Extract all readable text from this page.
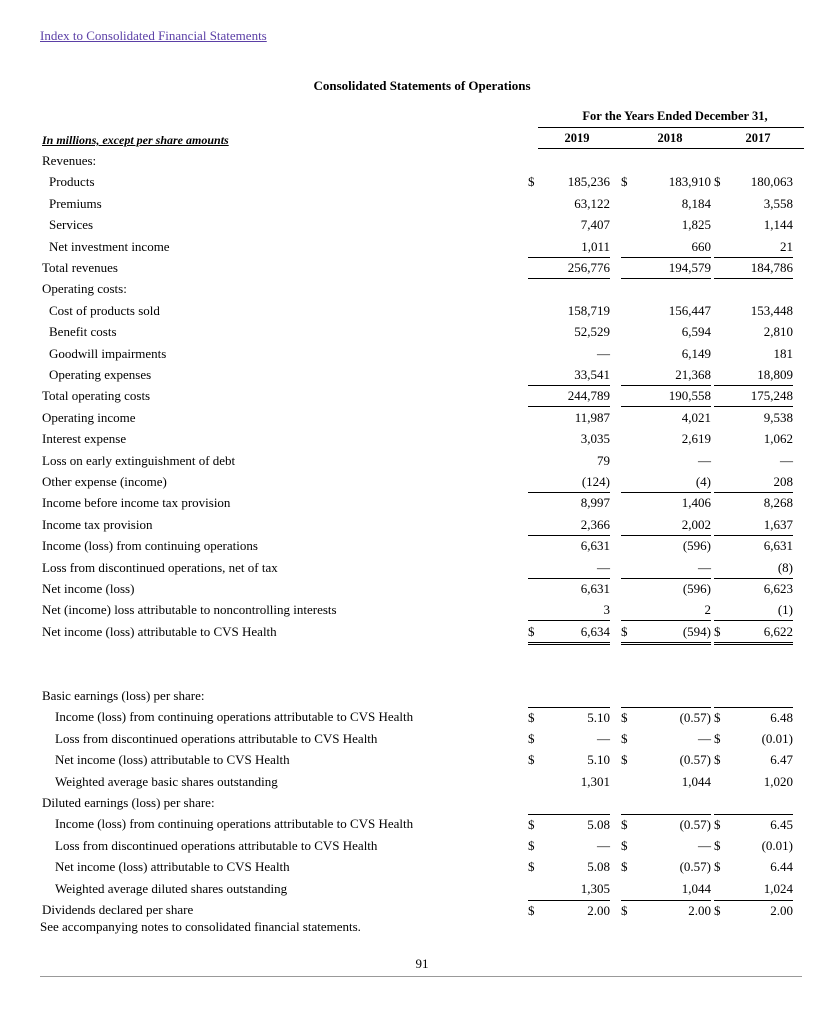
Index to Consolidated Financial Statements
Consolidated Statements of Operations
For the Years Ended December 31,
2019	2018	2017
In millions, except per share amounts
Revenues:
Products	$	185,236 $	183,910 $ 180,063
Premiums	63,122	8,184	3,558
Services	7,407	1,825	1,144
Net investment income	1,011	660	21
Total revenues	256,776	194,579	184,786
Operating costs:
Cost of products sold	158,719	156,447	153,448
Benefit costs	52,529	6,594	2,810
Goodwill impairments	—	6,149	181
Operating expenses	33,541	21,368	18,809
Total operating costs	244,789	190,558	175,248
Operating income	11,987	4,021	9,538
Interest expense	3,035	2,619	1,062
Loss on early extinguishment of debt	79	—	—
Other expense (income)	(124)	(4)	208
Income before income tax provision	8,997	1,406	8,268
Income tax provision	2,366	2,002	1,637
Income (loss) from continuing operations	6,631	(596)	6,631
Loss from discontinued operations, net of tax	—	—	(8)
Net income (loss)	6,631	(596)	6,623
Net (income) loss attributable to noncontrolling interests	3	2	(1)
Net income (loss) attributable to CVS Health	$	6,634 $	(594) $	6,622
Basic earnings (loss) per share:
Income (loss) from continuing operations attributable to CVS Health	$	5.10 $	(0.57) $	6.48
Loss from discontinued operations attributable to CVS Health	$	— $	— $	(0.01)
Net income (loss) attributable to CVS Health	$	5.10 $	(0.57) $	6.47
Weighted average basic shares outstanding	1,301	1,044	1,020
Diluted earnings (loss) per share:
Income (loss) from continuing operations attributable to CVS Health	$	5.08 $	(0.57) $	6.45
Loss from discontinued operations attributable to CVS Health	$	— $	— $	(0.01)
Net income (loss) attributable to CVS Health	$	5.08 $	(0.57) $	6.44
Weighted average diluted shares outstanding	1,305	1,044	1,024
Dividends declared per share	$	2.00 $	2.00 $	2.00
See accompanying notes to consolidated financial statements.
91
